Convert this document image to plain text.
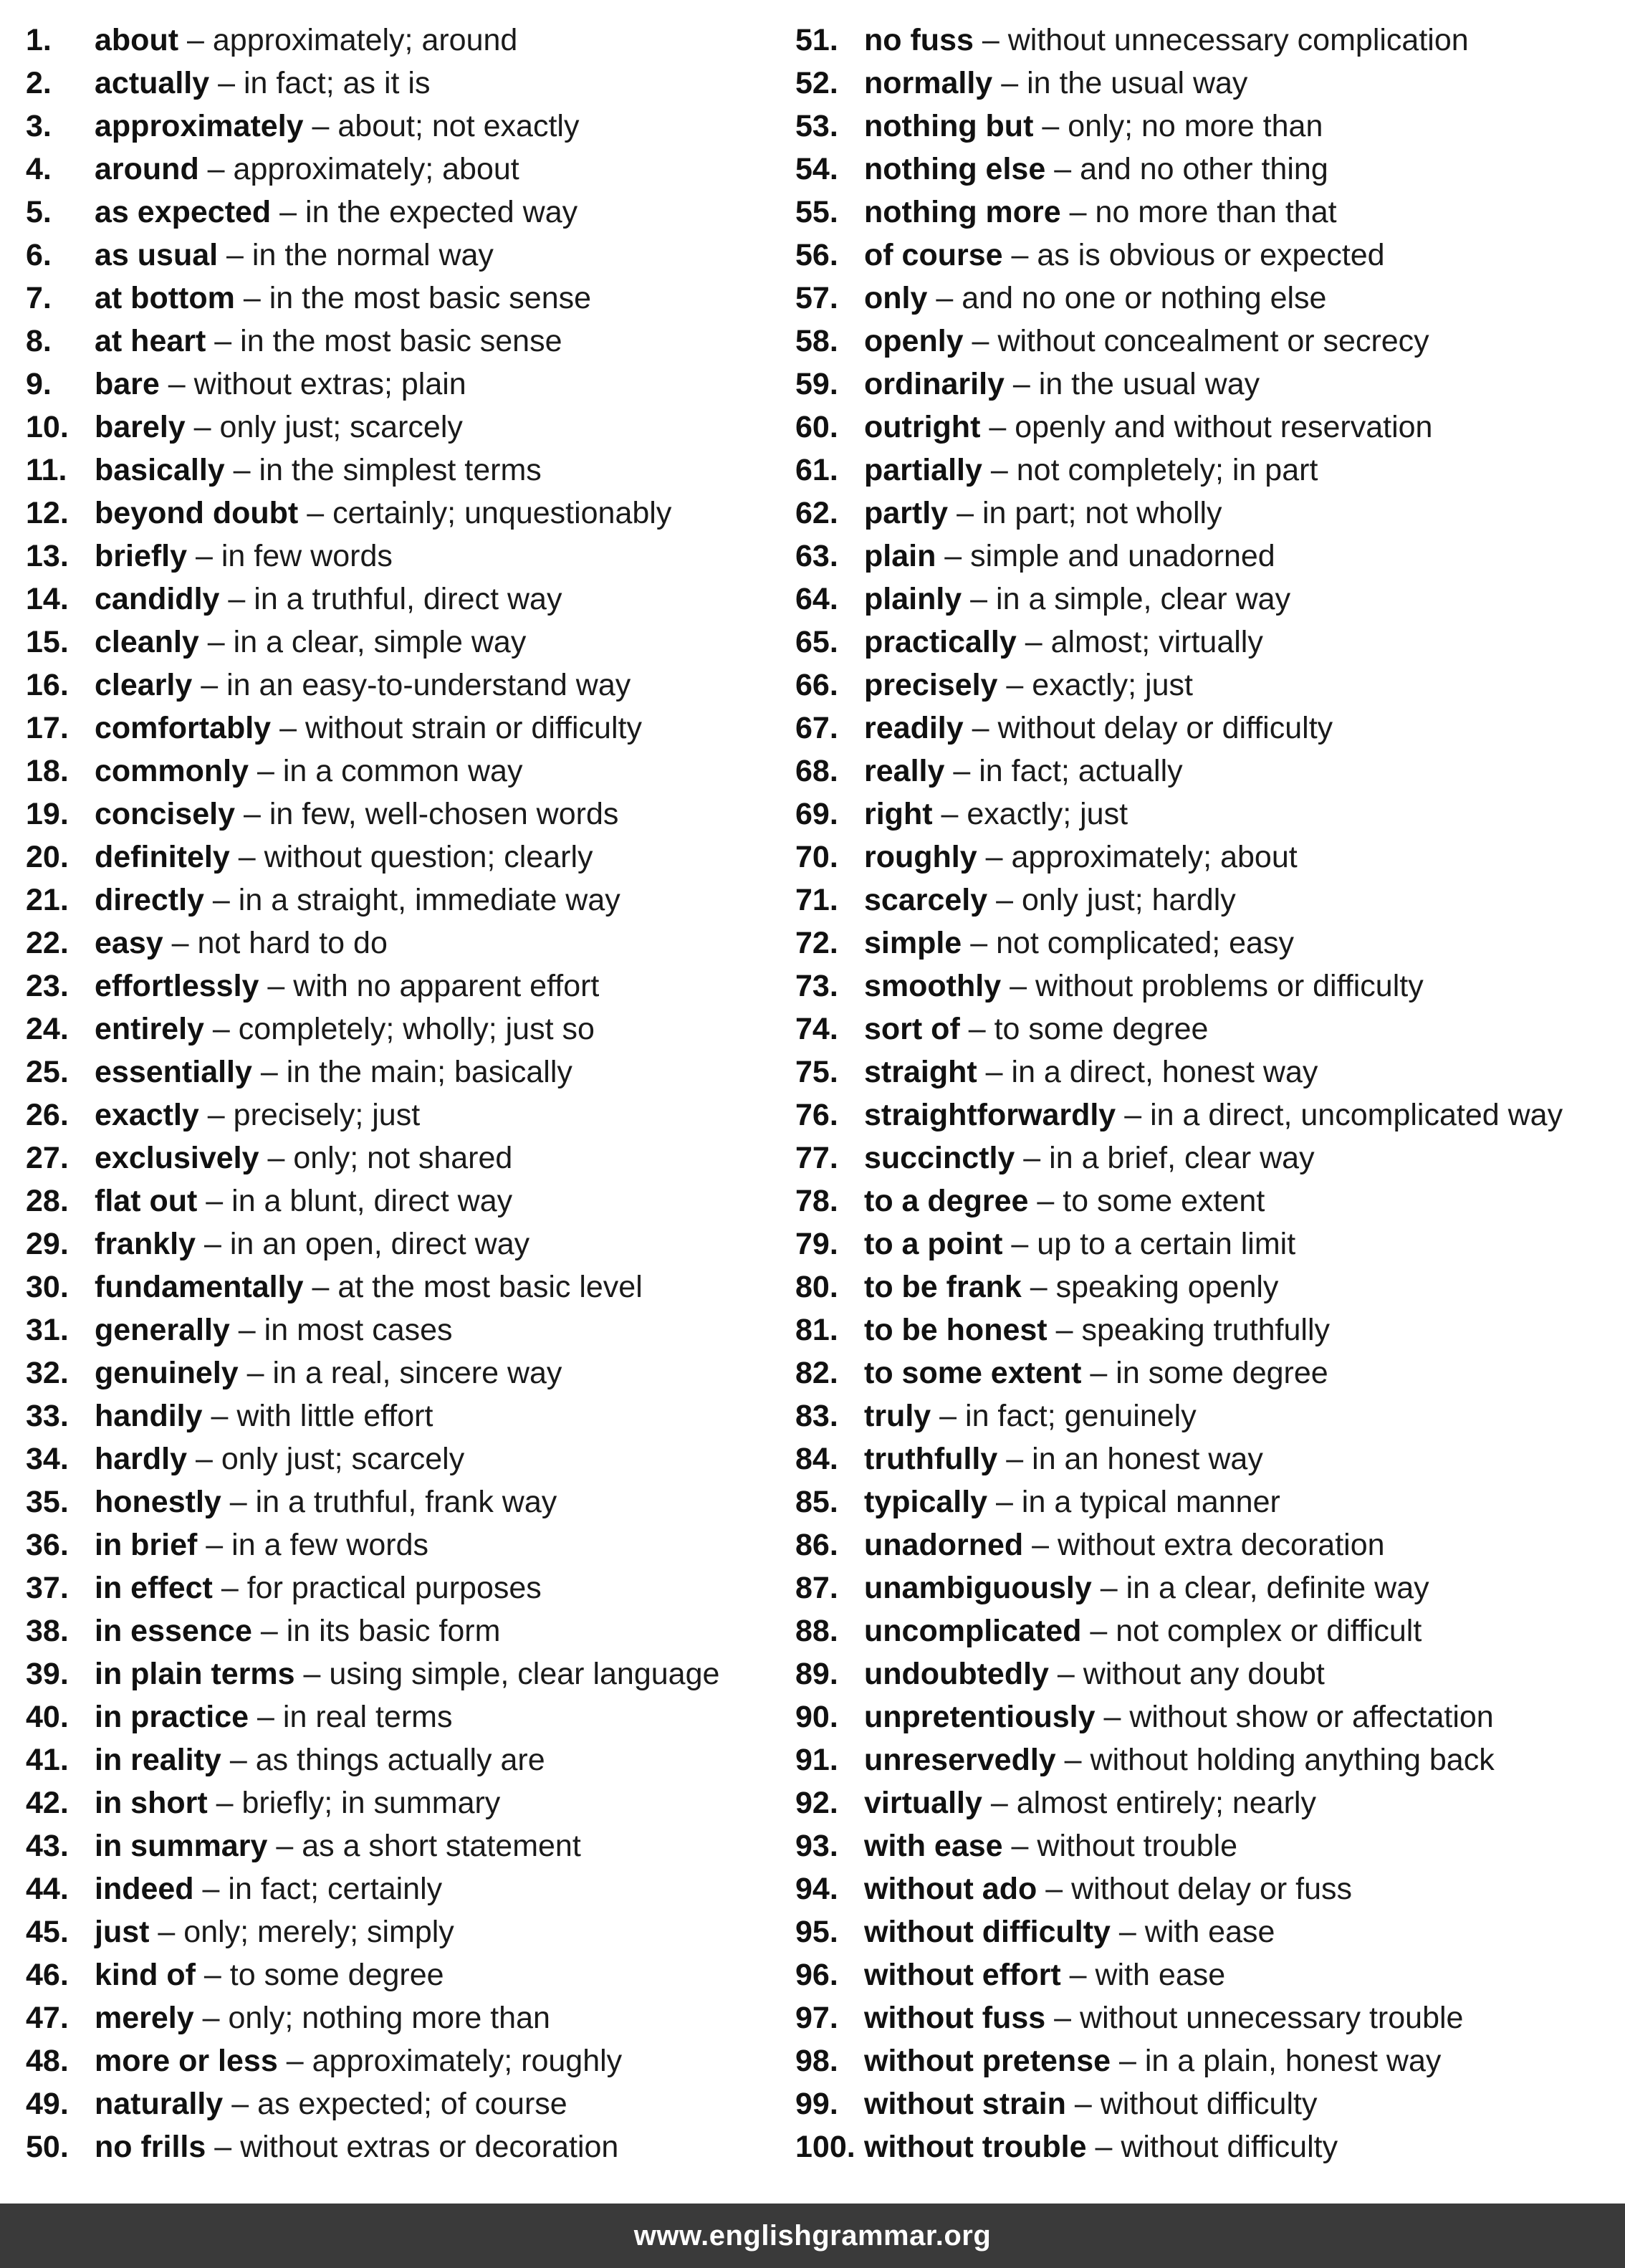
1. about – approximately; around
2. actually – in fact; as it is
3. approximately – about; not exactly
4. around – approximately; about
5. as expected – in the expected way
6. as usual – in the normal way
7. at bottom – in the most basic sense
8. at heart – in the most basic sense
9. bare – without extras; plain
10. barely – only just; scarcely
11. basically – in the simplest terms
12. beyond doubt – certainly; unquestionably
13. briefly – in few words
14. candidly – in a truthful, direct way
15. cleanly – in a clear, simple way
16. clearly – in an easy-to-understand way
17. comfortably – without strain or difficulty
18. commonly – in a common way
19. concisely – in few, well-chosen words
20. definitely – without question; clearly
21. directly – in a straight, immediate way
22. easy – not hard to do
23. effortlessly – with no apparent effort
24. entirely – completely; wholly; just so
25. essentially – in the main; basically
26. exactly – precisely; just
27. exclusively – only; not shared
28. flat out – in a blunt, direct way
29. frankly – in an open, direct way
30. fundamentally – at the most basic level
31. generally – in most cases
32. genuinely – in a real, sincere way
33. handily – with little effort
34. hardly – only just; scarcely
35. honestly – in a truthful, frank way
36. in brief – in a few words
37. in effect – for practical purposes
38. in essence – in its basic form
39. in plain terms – using simple, clear language
40. in practice – in real terms
41. in reality – as things actually are
42. in short – briefly; in summary
43. in summary – as a short statement
44. indeed – in fact; certainly
45. just – only; merely; simply
46. kind of – to some degree
47. merely – only; nothing more than
48. more or less – approximately; roughly
49. naturally – as expected; of course
50. no frills – without extras or decoration
51. no fuss – without unnecessary complication
52. normally – in the usual way
53. nothing but – only; no more than
54. nothing else – and no other thing
55. nothing more – no more than that
56. of course – as is obvious or expected
57. only – and no one or nothing else
58. openly – without concealment or secrecy
59. ordinarily – in the usual way
60. outright – openly and without reservation
61. partially – not completely; in part
62. partly – in part; not wholly
63. plain – simple and unadorned
64. plainly – in a simple, clear way
65. practically – almost; virtually
66. precisely – exactly; just
67. readily – without delay or difficulty
68. really – in fact; actually
69. right – exactly; just
70. roughly – approximately; about
71. scarcely – only just; hardly
72. simple – not complicated; easy
73. smoothly – without problems or difficulty
74. sort of – to some degree
75. straight – in a direct, honest way
76. straightforwardly – in a direct, uncomplicated way
77. succinctly – in a brief, clear way
78. to a degree – to some extent
79. to a point – up to a certain limit
80. to be frank – speaking openly
81. to be honest – speaking truthfully
82. to some extent – in some degree
83. truly – in fact; genuinely
84. truthfully – in an honest way
85. typically – in a typical manner
86. unadorned – without extra decoration
87. unambiguously – in a clear, definite way
88. uncomplicated – not complex or difficult
89. undoubtedly – without any doubt
90. unpretentiously – without show or affectation
91. unreservedly – without holding anything back
92. virtually – almost entirely; nearly
93. with ease – without trouble
94. without ado – without delay or fuss
95. without difficulty – with ease
96. without effort – with ease
97. without fuss – without unnecessary trouble
98. without pretense – in a plain, honest way
99. without strain – without difficulty
100. without trouble – without difficulty
www.englishgrammar.org
